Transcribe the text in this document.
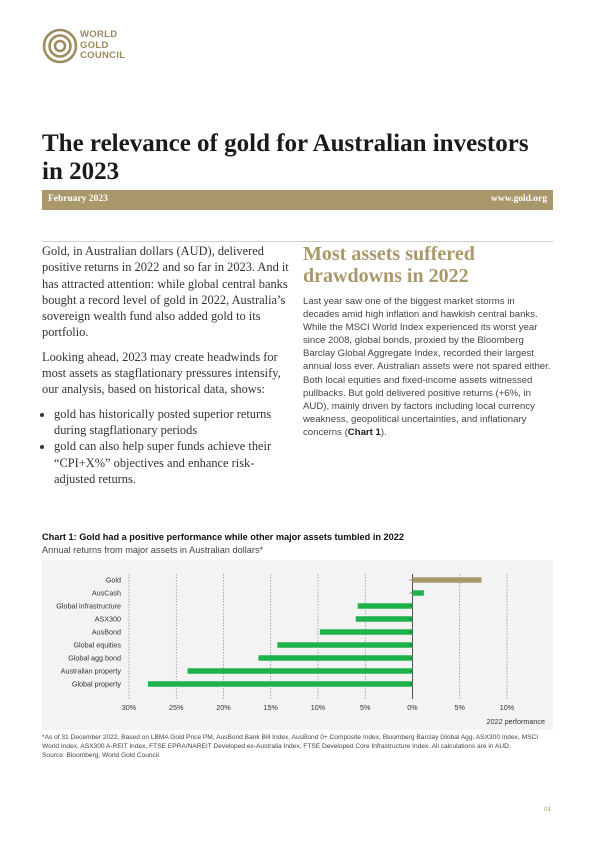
WORLD
GOLD
COUNCIL
The relevance of gold for Australian investors in 2023
February 2023	www.gold.org

Gold, in Australian dollars (AUD), delivered positive returns in 2022 and so far in 2023. And it has attracted attention: while global central banks bought a record level of gold in 2022, Australia’s sovereign wealth fund also added gold to its portfolio.

Looking ahead, 2023 may create headwinds for most assets as stagflationary pressures intensify, our analysis, based on historical data, shows:

• gold has historically posted superior returns during stagflationary periods
• gold can also help super funds achieve their “CPI+X%” objectives and enhance risk-adjusted returns.
Most assets suffered drawdowns in 2022
Last year saw one of the biggest market storms in decades amid high inflation and hawkish central banks. While the MSCI World Index experienced its worst year since 2008, global bonds, proxied by the Bloomberg Barclay Global Aggregate Index, recorded their largest annual loss ever. Australian assets were not spared either. Both local equities and fixed-income assets witnessed pullbacks. But gold delivered positive returns (+6%, in AUD), mainly driven by factors including local currency weakness, geopolitical uncertainties, and inflationary concerns (Chart 1).
Chart 1: Gold had a positive performance while other major assets tumbled in 2022
Annual returns from major assets in Australian dollars*
30%	25%	20%	15%	10%	5%	0%	5%	10%
Gold
AusCash
Global infrastructure
ASX300
AusBond
Global equities
Global agg bond
Australian property
Global property
2022 performance
*As of 31 December 2022. Based on LBMA Gold Price PM, AusBond Bank Bill Index, AusBond 0+ Composite Index, Bloomberg Barclay Global Agg, ASX300 Index, MSCI World Index, ASX300 A-REIT Index, FTSE EPRA/NAREIT Developed ex-Australia Index, FTSE Developed Core Infrastructure Index. All calculations are in AUD.
Source: Bloomberg, World Gold Council
01
